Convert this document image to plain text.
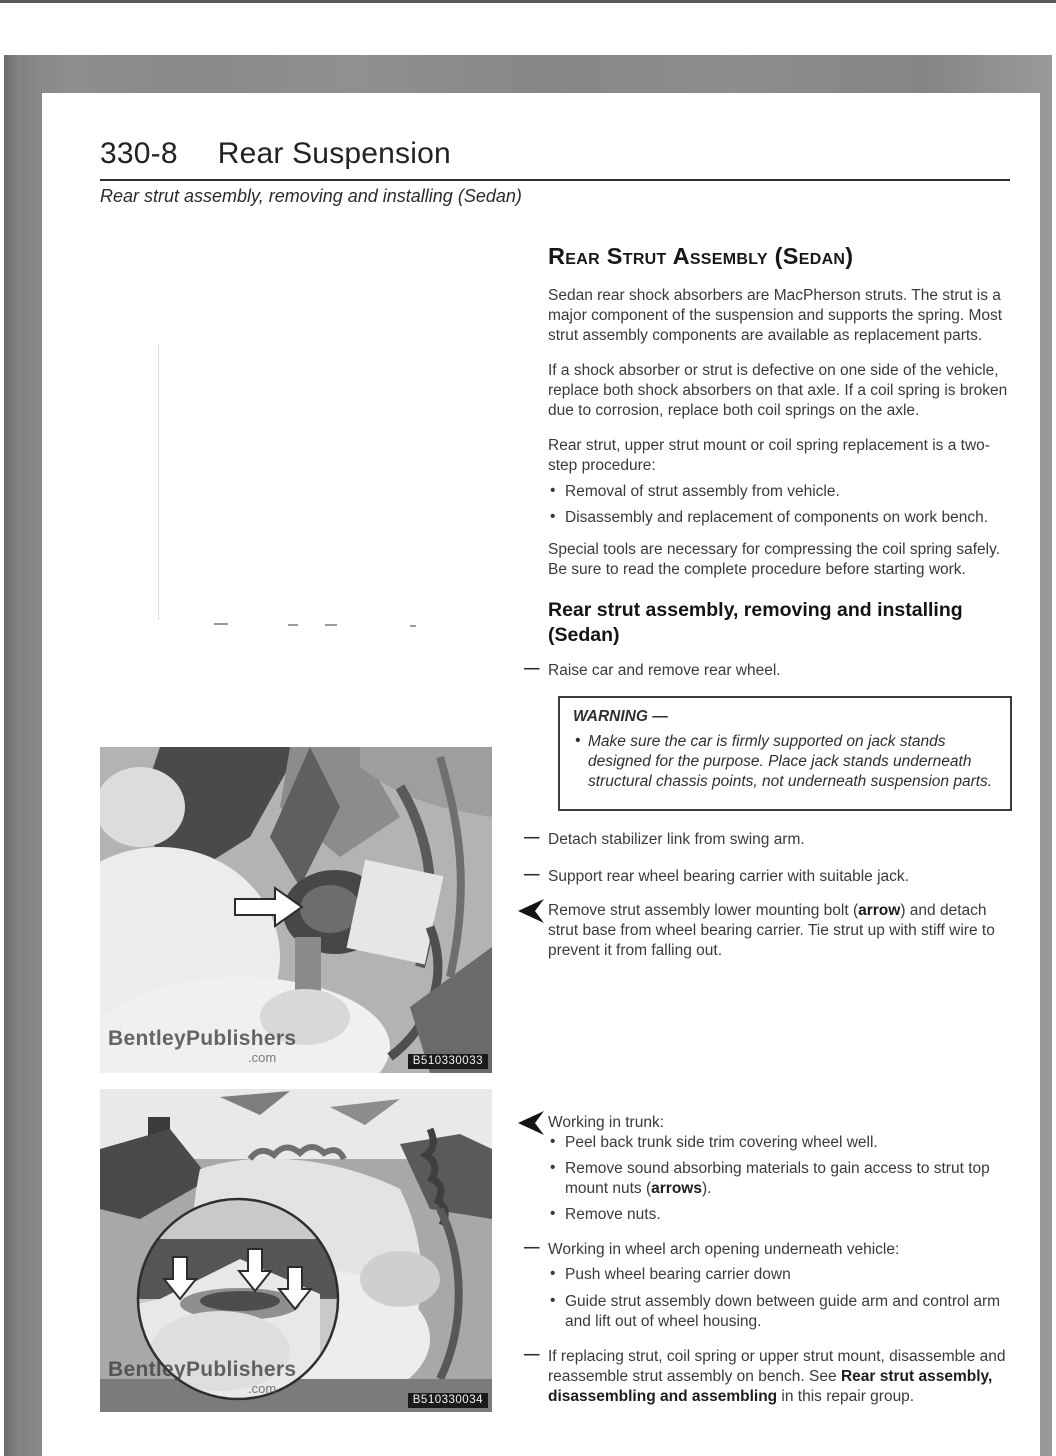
330-8 Rear Suspension
Rear strut assembly, removing and installing (Sedan)
Rear Strut Assembly (Sedan)

Sedan rear shock absorbers are MacPherson struts. The strut is a major component of the suspension and supports the spring. Most strut assembly components are available as replacement parts.

If a shock absorber or strut is defective on one side of the vehicle, replace both shock absorbers on that axle. If a coil spring is broken due to corrosion, replace both coil springs on the axle.

Rear strut, upper strut mount or coil spring replacement is a two-step procedure:

• Removal of strut assembly from vehicle.
• Disassembly and replacement of components on work bench.

Special tools are necessary for compressing the coil spring safely. Be sure to read the complete procedure before starting work.

Rear strut assembly, removing and installing (Sedan)
— Raise car and remove rear wheel.
WARNING —
• Make sure the car is firmly supported on jack stands designed for the purpose. Place jack stands underneath structural chassis points, not underneath suspension parts.
— Detach stabilizer link from swing arm.
— Support rear wheel bearing carrier with suitable jack.
Remove strut assembly lower mounting bolt (arrow) and detach strut base from wheel bearing carrier. Tie strut up with stiff wire to prevent it from falling out.
Working in trunk:
• Peel back trunk side trim covering wheel well.
• Remove sound absorbing materials to gain access to strut top mount nuts (arrows).
• Remove nuts.
— Working in wheel arch opening underneath vehicle:
• Push wheel bearing carrier down
• Guide strut assembly down between guide arm and control arm and lift out of wheel housing.
— If replacing strut, coil spring or upper strut mount, disassemble and reassemble strut assembly on bench. See Rear strut assembly, disassembling and assembling in this repair group.
BentleyPublishers
.com	B510330033
BentleyPublishers
.com
B510330034
